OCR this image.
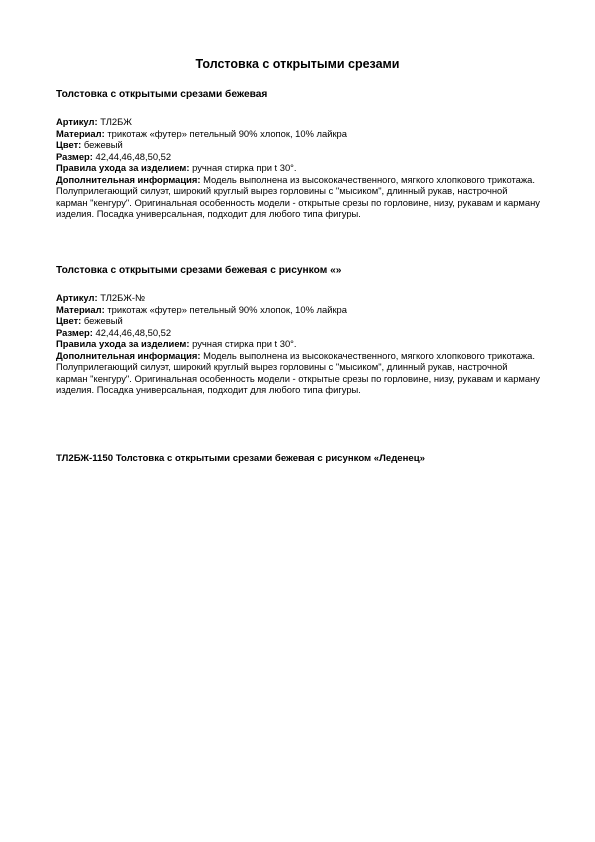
Толстовка с открытыми срезами
Толстовка с открытыми срезами бежевая

Артикул: ТЛ2БЖ

Материал: трикотаж «футер» петельный 90% хлопок, 10% лайкра

Цвет: бежевый

Размер: 42,44,46,48,50,52

Правила ухода за изделием: ручная стирка при t 30°.

Дополнительная информация: Модель выполнена из высококачественного, мягкого хлопкового трикотажа. Полуприлегающий силуэт, широкий круглый вырез горловины с "мысиком", длинный рукав, настрочной карман "кенгуру". Оригинальная особенность модели - открытые срезы по горловине, низу, рукавам и карману изделия. Посадка универсальная, подходит для любого типа фигуры.

Толстовка с открытыми срезами бежевая с рисунком «»

Артикул: ТЛ2БЖ-№

Материал: трикотаж «футер» петельный 90% хлопок, 10% лайкра

Цвет: бежевый

Размер: 42,44,46,48,50,52

Правила ухода за изделием: ручная стирка при t 30°.

Дополнительная информация: Модель выполнена из высококачественного, мягкого хлопкового трикотажа. Полуприлегающий силуэт, широкий круглый вырез горловины с "мысиком", длинный рукав, настрочной карман "кенгуру". Оригинальная особенность модели - открытые срезы по горловине, низу, рукавам и карману изделия. Посадка универсальная, подходит для любого типа фигуры.

ТЛ2БЖ-1150 Толстовка с открытыми срезами бежевая с рисунком «Леденец»
